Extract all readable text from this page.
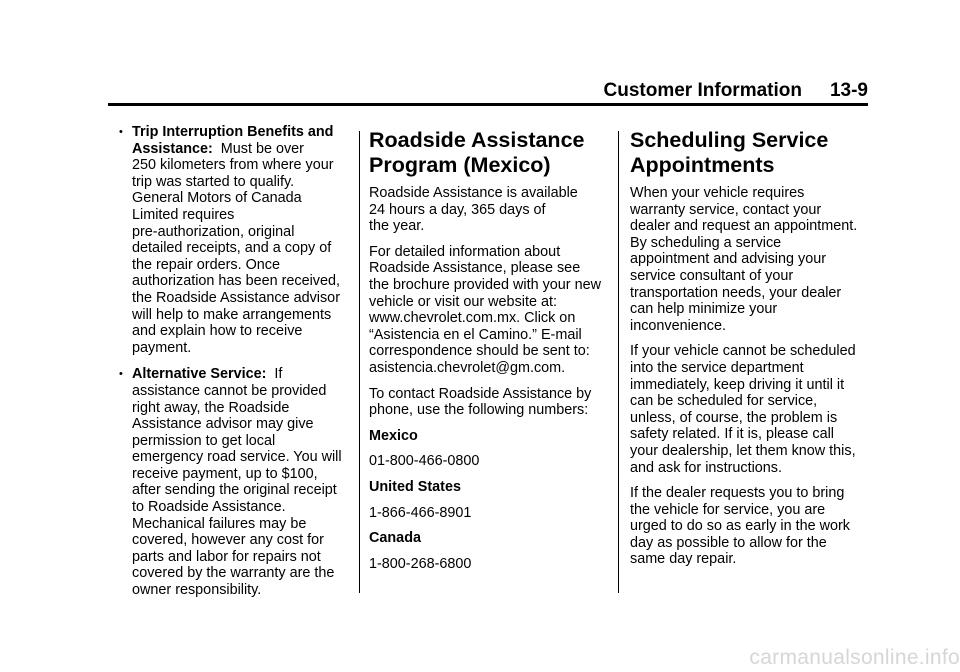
Customer Information 13-9
• Trip Interruption Benefits and Assistance: Must be over
250 kilometers from where your
trip was started to qualify.
General Motors of Canada
Limited requires
pre-authorization, original
detailed receipts, and a copy of
the repair orders. Once
authorization has been received,
the Roadside Assistance advisor
will help to make arrangements
and explain how to receive
payment.
• Alternative Service: If
assistance cannot be provided
right away, the Roadside
Assistance advisor may give
permission to get local
emergency road service. You will
receive payment, up to $100,
after sending the original receipt
to Roadside Assistance.
Mechanical failures may be
covered, however any cost for
parts and labor for repairs not
covered by the warranty are the
owner responsibility.
Roadside Assistance
Program (Mexico)

Roadside Assistance is available
24 hours a day, 365 days of
the year.

For detailed information about
Roadside Assistance, please see
the brochure provided with your new
vehicle or visit our website at:
www.chevrolet.com.mx. Click on
“Asistencia en el Camino.” E-mail
correspondence should be sent to:
asistencia.chevrolet@gm.com.

To contact Roadside Assistance by
phone, use the following numbers:

Mexico

01-800-466-0800

United States

1-866-466-8901

Canada

1-800-268-6800

Scheduling Service
Appointments

When your vehicle requires
warranty service, contact your
dealer and request an appointment.
By scheduling a service
appointment and advising your
service consultant of your
transportation needs, your dealer
can help minimize your
inconvenience.

If your vehicle cannot be scheduled
into the service department
immediately, keep driving it until it
can be scheduled for service,
unless, of course, the problem is
safety related. If it is, please call
your dealership, let them know this,
and ask for instructions.

If the dealer requests you to bring
the vehicle for service, you are
urged to do so as early in the work
day as possible to allow for the
same day repair.

carmanualsonline.info
